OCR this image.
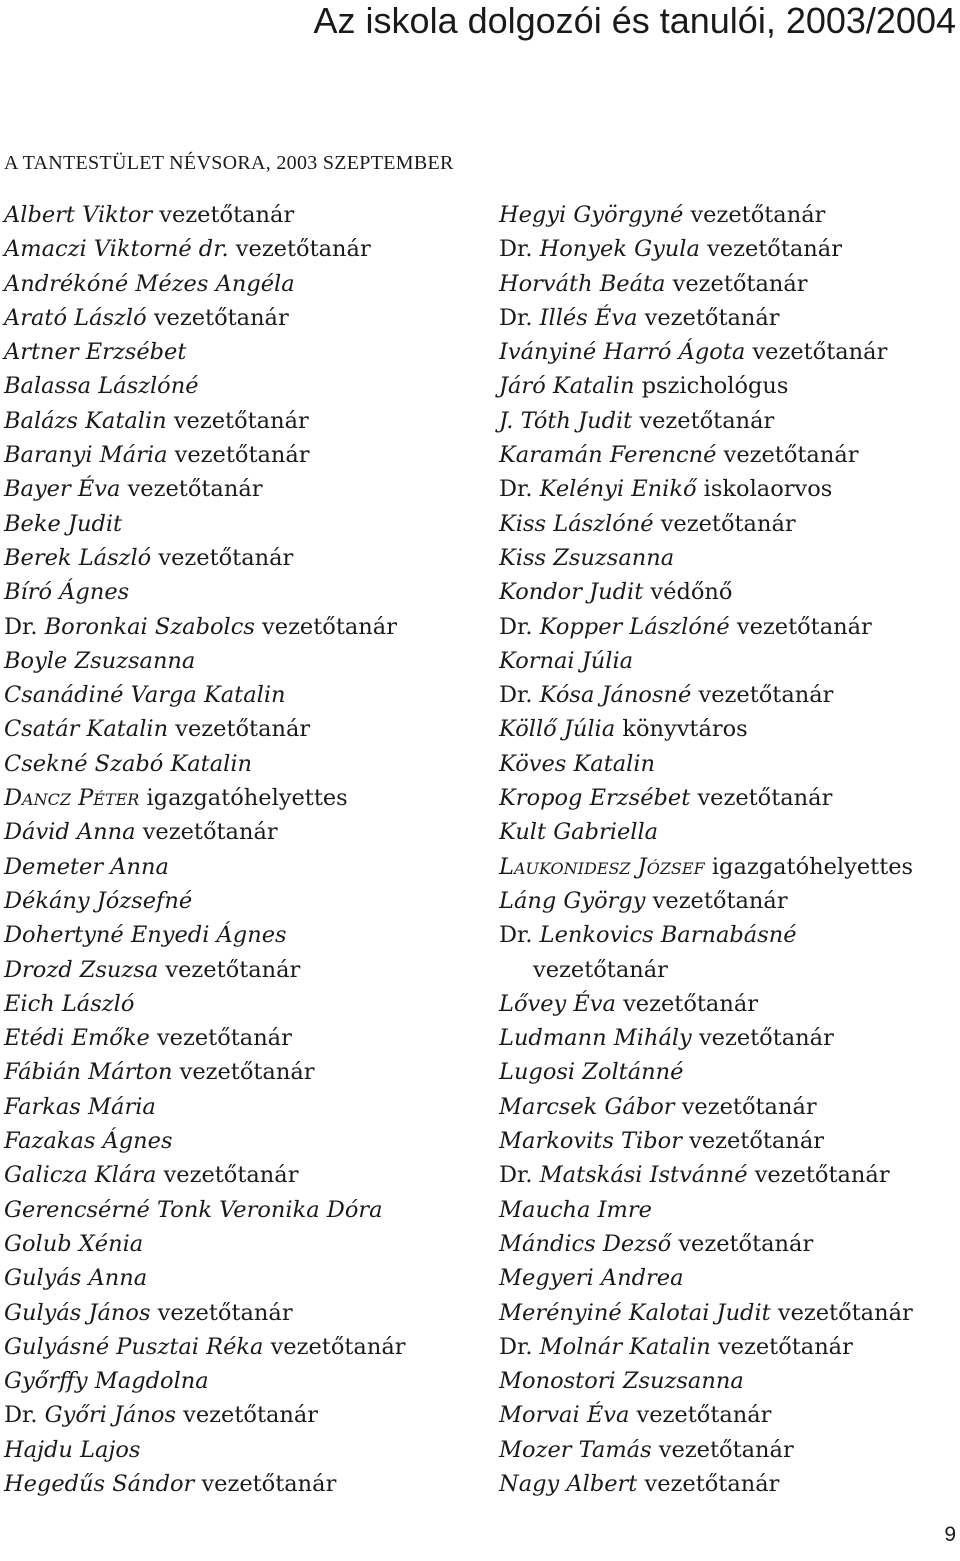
Az iskola dolgozói és tanulói, 2003/2004
A TANTESTÜLET NÉVSORA, 2003 SZEPTEMBER
Albert Viktor vezetőtanár
Amaczi Viktorné dr. vezetőtanár
Andrékóné Mézes Angéla
Arató László vezetőtanár
Artner Erzsébet
Balassa Lászlóné
Balázs Katalin vezetőtanár
Baranyi Mária vezetőtanár
Bayer Éva vezetőtanár
Beke Judit
Berek László vezetőtanár
Bíró Ágnes
Dr. Boronkai Szabolcs vezetőtanár
Boyle Zsuzsanna
Csanádiné Varga Katalin
Csatár Katalin vezetőtanár
Csekné Szabó Katalin
Dancz Péter igazgatóhelyettes
Dávid Anna vezetőtanár
Demeter Anna
Dékány Józsefné
Dohertyné Enyedi Ágnes
Drozd Zsuzsa vezetőtanár
Eich László
Etédi Emőke vezetőtanár
Fábián Márton vezetőtanár
Farkas Mária
Fazakas Ágnes
Galicza Klára vezetőtanár
Gerencsérné Tonk Veronika Dóra
Golub Xénia
Gulyás Anna
Gulyás János vezetőtanár
Gulyásné Pusztai Réka vezetőtanár
Győrffy Magdolna
Dr. Győri János vezetőtanár
Hajdu Lajos
Hegedűs Sándor vezetőtanár
Hegyi Györgyné vezetőtanár
Dr. Honyek Gyula vezetőtanár
Horváth Beáta vezetőtanár
Dr. Illés Éva vezetőtanár
Iványiné Harró Ágota vezetőtanár
Járó Katalin pszichológus
J. Tóth Judit vezetőtanár
Karamán Ferencné vezetőtanár
Dr. Kelényi Enikő iskolaorvos
Kiss Lászlóné vezetőtanár
Kiss Zsuzsanna
Kondor Judit védőnő
Dr. Kopper Lászlóné vezetőtanár
Kornai Júlia
Dr. Kósa Jánosné vezetőtanár
Köllő Júlia könyvtáros
Köves Katalin
Kropog Erzsébet vezetőtanár
Kult Gabriella
Laukonidesz József igazgatóhelyettes
Láng György vezetőtanár
Dr. Lenkovics Barnabásné
vezetőtanár
Lővey Éva vezetőtanár
Ludmann Mihály vezetőtanár
Lugosi Zoltánné
Marcsek Gábor vezetőtanár
Markovits Tibor vezetőtanár
Dr. Matskási Istvánné vezetőtanár
Maucha Imre
Mándics Dezső vezetőtanár
Megyeri Andrea
Merényiné Kalotai Judit vezetőtanár
Dr. Molnár Katalin vezetőtanár
Monostori Zsuzsanna
Morvai Éva vezetőtanár
Mozer Tamás vezetőtanár
Nagy Albert vezetőtanár
9
